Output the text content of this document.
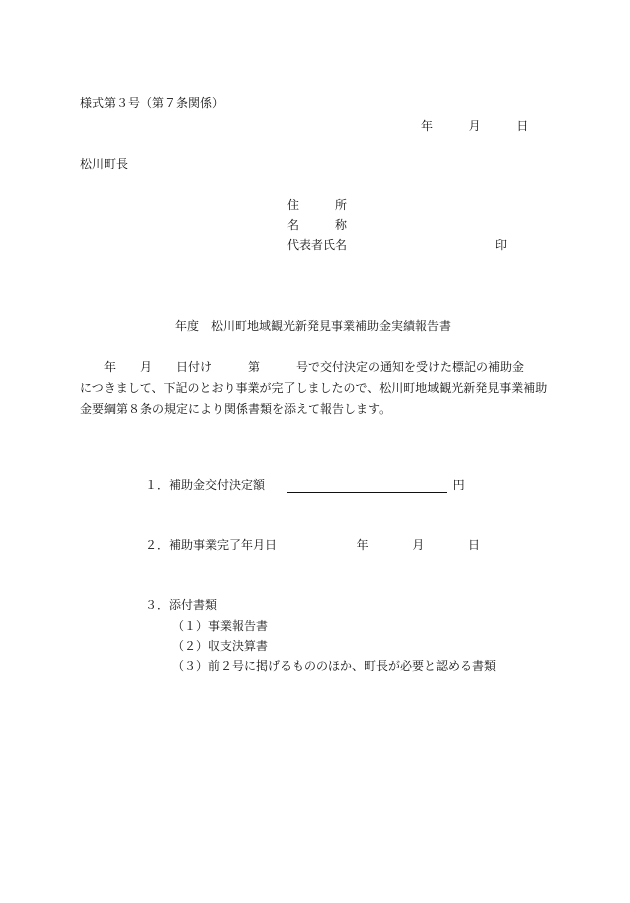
様式第３号（第７条関係）
年	月	日
松川町長
住　　　所
名　　　称
代表者氏名	印
年度　松川町地域観光新発見事業補助金実績報告書
　　年　　月　　日付け　　　第　　　号で交付決定の通知を受けた標記の補助金
につきまして、下記のとおり事業が完了しましたので、松川町地域観光新発見事業補助
金要綱第８条の規定により関係書類を添えて報告します。
１．補助金交付決定額	円
２．補助事業完了年月日	年	月	日
３．添付書類
（１）事業報告書
（２）収支決算書
（３）前２号に掲げるもののほか、町長が必要と認める書類
